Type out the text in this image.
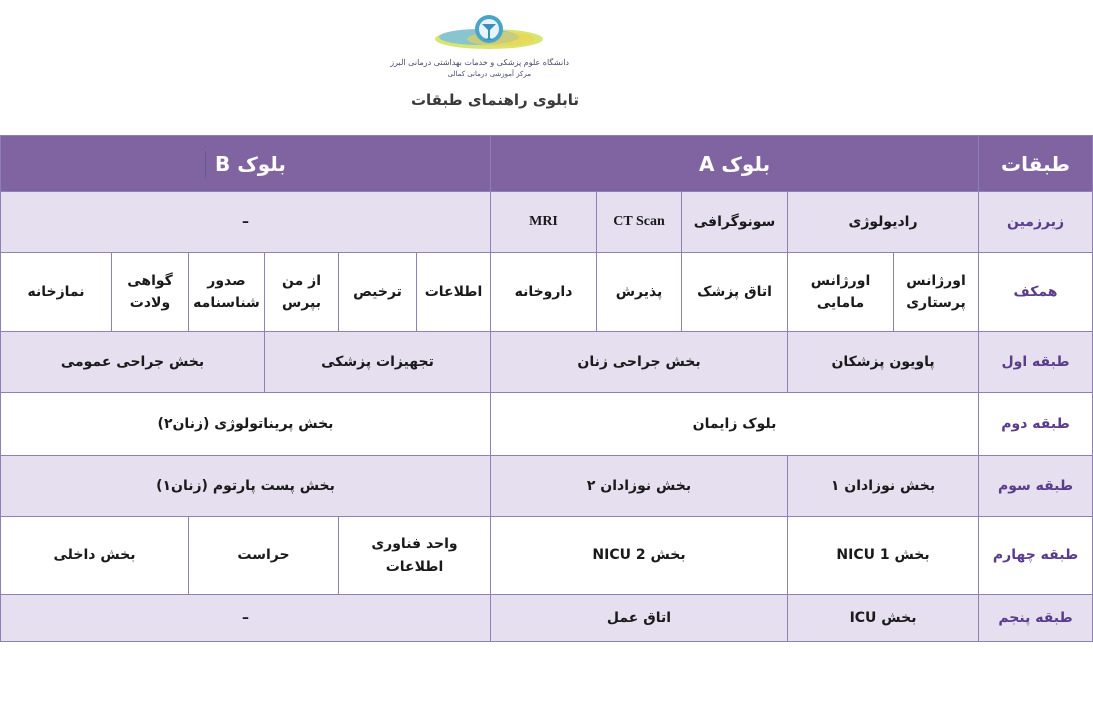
دانشگاه علوم پزشکی و خدمات بهداشتی درمانی البرز
مرکز آموزشی درمانی کمالی
تابلوی راهنمای طبقات
طبقات	بلوک A					بلوک B					
زیرزمین	رادیولوژی		سونوگرافی	CT Scan	MRI	–					
همکف	اورژانس پرستاری	اورژانس مامایی	اتاق پزشک	پذیرش	داروخانه	اطلاعات	ترخیص	از من بپرس	صدور شناسنامه	گواهی ولادت	نمازخانه
طبقه اول	پاویون پزشکان		بخش جراحی زنان			تجهیزات پزشکی			بخش جراحی عمومی		
طبقه دوم	بلوک زایمان					بخش پریناتولوژی (زنان۲)					
طبقه سوم	بخش نوزادان ۱		بخش نوزادان ۲			بخش پست پارتوم (زنان۱)					
طبقه چهارم	بخش NICU 1		بخش NICU 2			واحد فناوری اطلاعات		حراست		بخش داخلی	
طبقه پنجم	بخش ICU		اتاق عمل			–					
